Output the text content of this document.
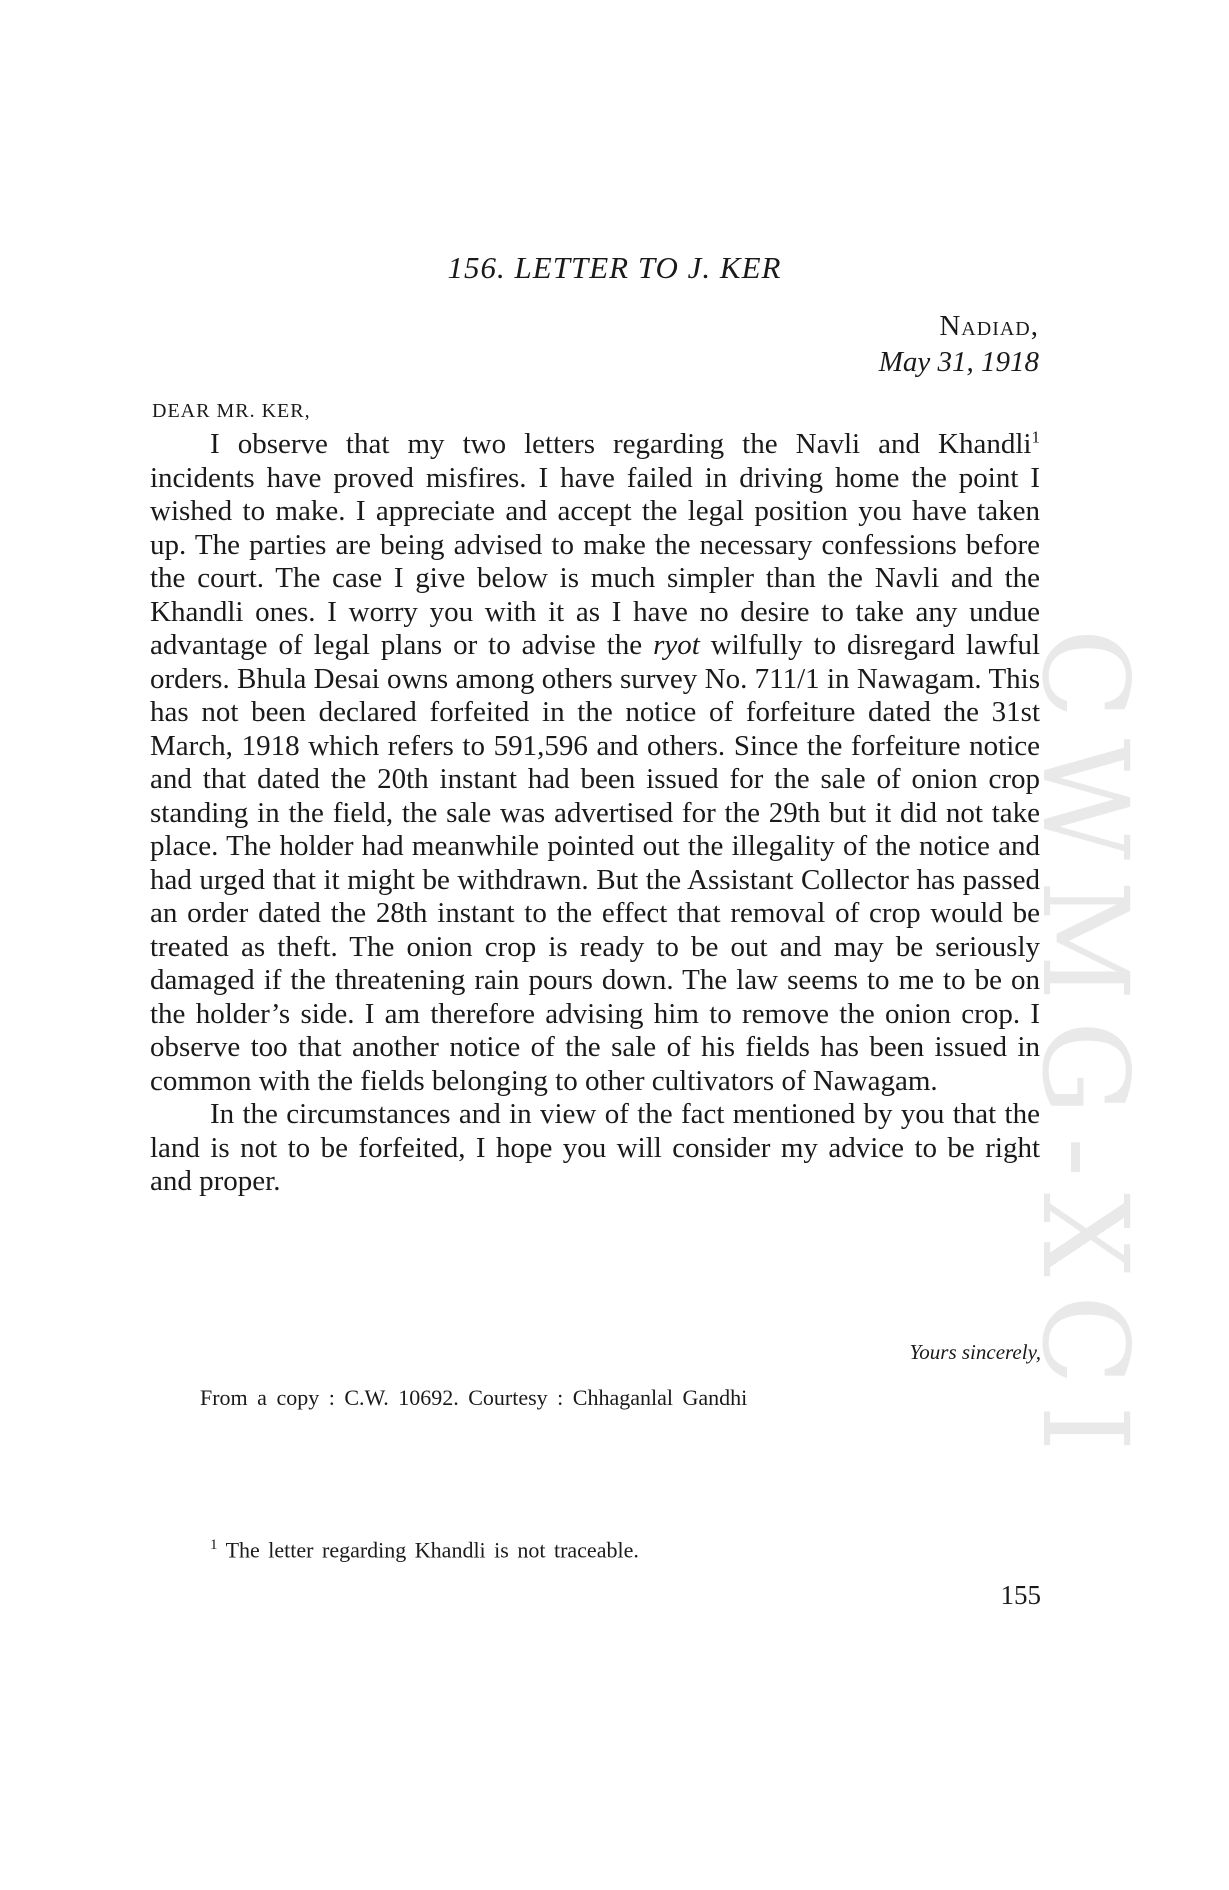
CWMG-XCI
156. LETTER TO J. KER
Nadiad,
May 31, 1918
DEAR MR. KER,

I observe that my two letters regarding the Navli and Khandli$^1$ incidents have proved misfires. I have failed in driving home the point I wished to make. I appreciate and accept the legal position you have taken up. The parties are being advised to make the necessary confessions before the court. The case I give below is much simpler than the Navli and the Khandli ones. I worry you with it as I have no desire to take any undue advantage of legal plans or to advise the ryot wilfully to disregard lawful orders. Bhula Desai owns among others survey No. 711/1 in Nawagam. This has not been declared forfeited in the notice of forfeiture dated the 31st March, 1918 which refers to 591,596 and others. Since the forfeiture notice and that dated the 20th instant had been issued for the sale of onion crop standing in the field, the sale was advertised for the 29th but it did not take place. The holder had meanwhile pointed out the illegality of the notice and had urged that it might be withdrawn. But the Assistant Collector has passed an order dated the 28th instant to the effect that removal of crop would be treated as theft. The onion crop is ready to be out and may be seriously damaged if the threatening rain pours down. The law seems to me to be on the holder’s side. I am therefore advising him to remove the onion crop. I observe too that another notice of the sale of his fields has been issued in common with the fields belonging to other cultivators of Nawagam.

In the circumstances and in view of the fact mentioned by you that the land is not to be forfeited, I hope you will consider my advice to be right and proper.

Yours sincerely,
From a copy : C.W. 10692. Courtesy : Chhaganlal Gandhi
$^1$ The letter regarding Khandli is not traceable.
155
